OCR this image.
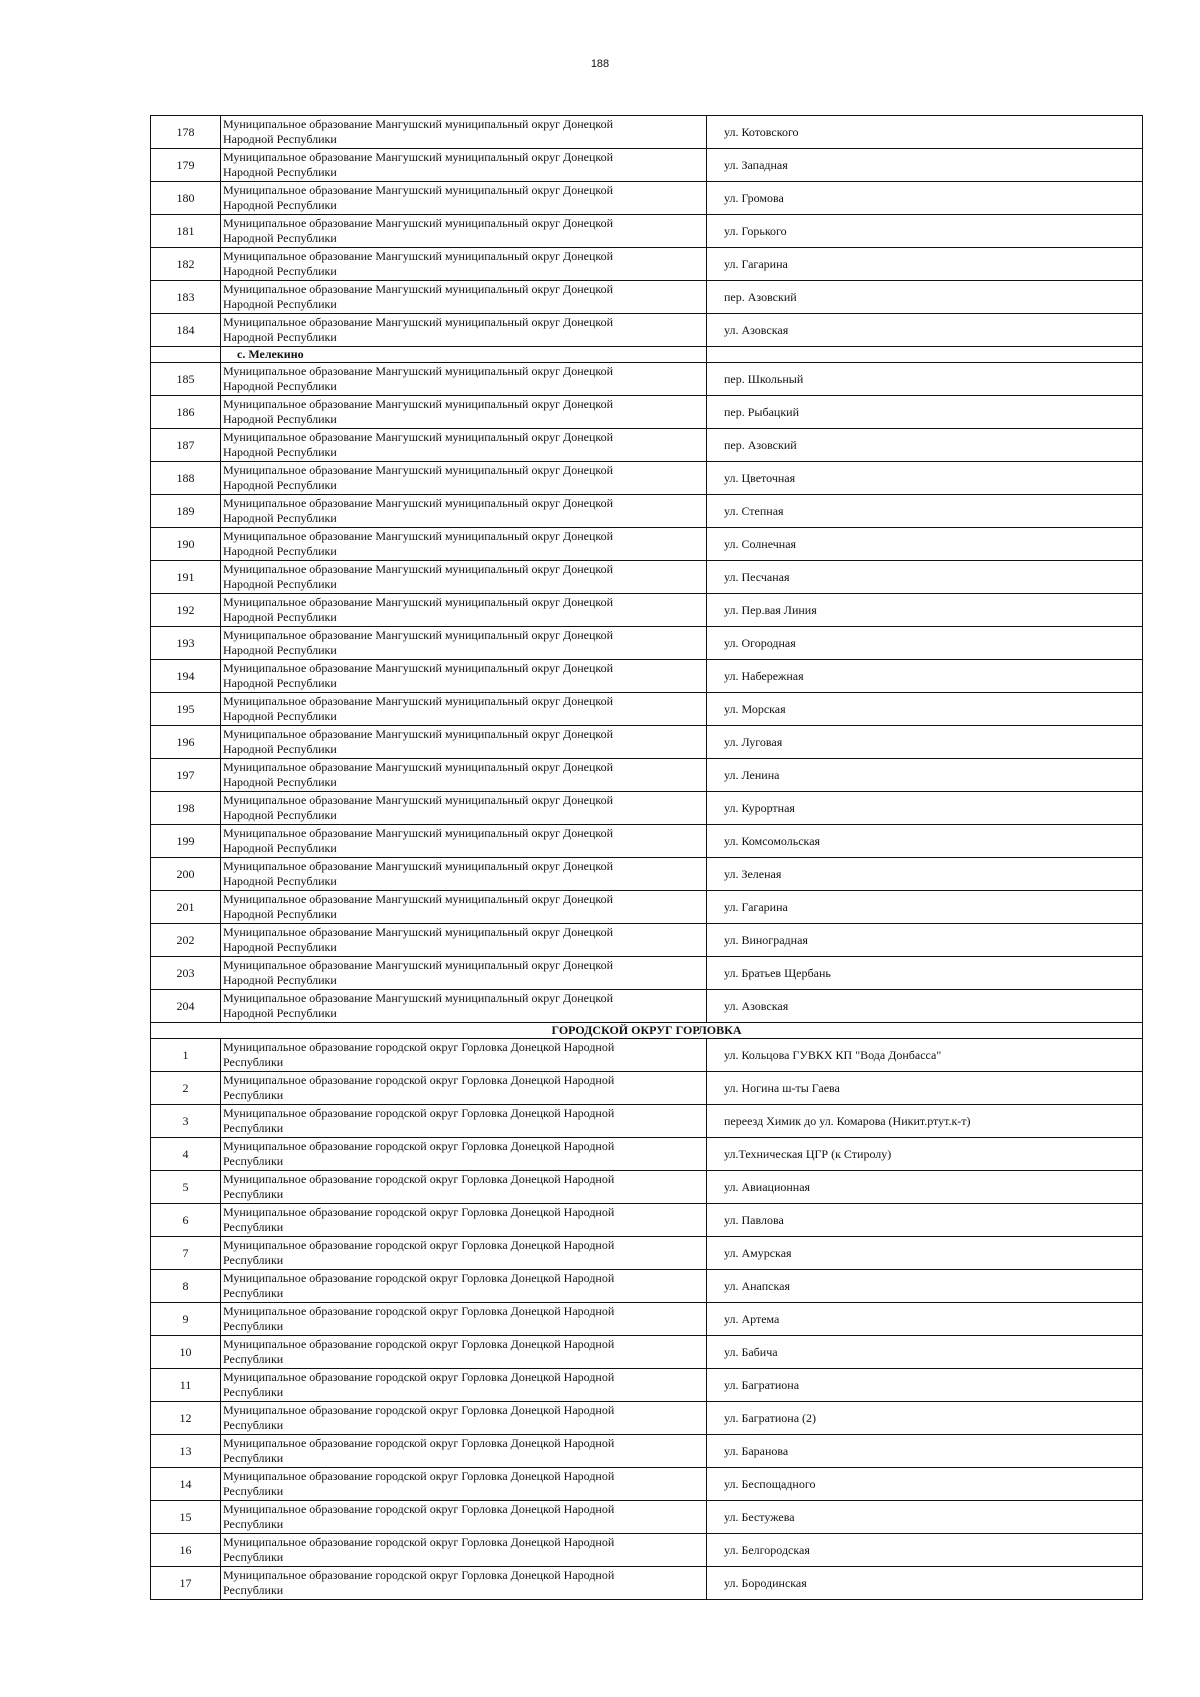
188
178	Муниципальное образование Мангушский муниципальный округ Донецкой
Народной Республики	ул. Котовского
179	Муниципальное образование Мангушский муниципальный округ Донецкой
Народной Республики	ул. Западная
180	Муниципальное образование Мангушский муниципальный округ Донецкой
Народной Республики	ул. Громова
181	Муниципальное образование Мангушский муниципальный округ Донецкой
Народной Республики	ул. Горького
182	Муниципальное образование Мангушский муниципальный округ Донецкой
Народной Республики	ул. Гагарина
183	Муниципальное образование Мангушский муниципальный округ Донецкой
Народной Республики	пер. Азовский
184	Муниципальное образование Мангушский муниципальный округ Донецкой
Народной Республики	ул. Азовская
	с. Мелекино	
185	Муниципальное образование Мангушский муниципальный округ Донецкой
Народной Республики	пер. Школьный
186	Муниципальное образование Мангушский муниципальный округ Донецкой
Народной Республики	пер. Рыбацкий
187	Муниципальное образование Мангушский муниципальный округ Донецкой
Народной Республики	пер. Азовский
188	Муниципальное образование Мангушский муниципальный округ Донецкой
Народной Республики	ул. Цветочная
189	Муниципальное образование Мангушский муниципальный округ Донецкой
Народной Республики	ул. Степная
190	Муниципальное образование Мангушский муниципальный округ Донецкой
Народной Республики	ул. Солнечная
191	Муниципальное образование Мангушский муниципальный округ Донецкой
Народной Республики	ул. Песчаная
192	Муниципальное образование Мангушский муниципальный округ Донецкой
Народной Республики	ул. Пер.вая Линия
193	Муниципальное образование Мангушский муниципальный округ Донецкой
Народной Республики	ул. Огородная
194	Муниципальное образование Мангушский муниципальный округ Донецкой
Народной Республики	ул. Набережная
195	Муниципальное образование Мангушский муниципальный округ Донецкой
Народной Республики	ул. Морская
196	Муниципальное образование Мангушский муниципальный округ Донецкой
Народной Республики	ул. Луговая
197	Муниципальное образование Мангушский муниципальный округ Донецкой
Народной Республики	ул. Ленина
198	Муниципальное образование Мангушский муниципальный округ Донецкой
Народной Республики	ул. Курортная
199	Муниципальное образование Мангушский муниципальный округ Донецкой
Народной Республики	ул. Комсомольская
200	Муниципальное образование Мангушский муниципальный округ Донецкой
Народной Республики	ул. Зеленая
201	Муниципальное образование Мангушский муниципальный округ Донецкой
Народной Республики	ул. Гагарина
202	Муниципальное образование Мангушский муниципальный округ Донецкой
Народной Республики	ул. Виноградная
203	Муниципальное образование Мангушский муниципальный округ Донецкой
Народной Республики	ул. Братьев Щербань
204	Муниципальное образование Мангушский муниципальный округ Донецкой
Народной Республики	ул. Азовская
ГОРОДСКОЙ ОКРУГ ГОРЛОВКА		
1	Муниципальное образование городской округ Горловка Донецкой Народной
Республики	ул. Кольцова ГУВКХ КП "Вода Донбасса"
2	Муниципальное образование городской округ Горловка Донецкой Народной
Республики	ул. Ногина ш-ты Гаева
3	Муниципальное образование городской округ Горловка Донецкой Народной
Республики	переезд Химик до ул. Комарова (Никит.ртут.к-т)
4	Муниципальное образование городской округ Горловка Донецкой Народной
Республики	ул.Техническая ЦГР (к Стиролу)
5	Муниципальное образование городской округ Горловка Донецкой Народной
Республики	ул. Авиационная
6	Муниципальное образование городской округ Горловка Донецкой Народной
Республики	ул. Павлова
7	Муниципальное образование городской округ Горловка Донецкой Народной
Республики	ул. Амурская
8	Муниципальное образование городской округ Горловка Донецкой Народной
Республики	ул. Анапская
9	Муниципальное образование городской округ Горловка Донецкой Народной
Республики	ул. Артема
10	Муниципальное образование городской округ Горловка Донецкой Народной
Республики	ул. Бабича
11	Муниципальное образование городской округ Горловка Донецкой Народной
Республики	ул. Багратиона
12	Муниципальное образование городской округ Горловка Донецкой Народной
Республики	ул. Багратиона (2)
13	Муниципальное образование городской округ Горловка Донецкой Народной
Республики	ул. Баранова
14	Муниципальное образование городской округ Горловка Донецкой Народной
Республики	ул. Беспощадного
15	Муниципальное образование городской округ Горловка Донецкой Народной
Республики	ул. Бестужева
16	Муниципальное образование городской округ Горловка Донецкой Народной
Республики	ул. Белгородская
17	Муниципальное образование городской округ Горловка Донецкой Народной
Республики	ул. Бородинская
